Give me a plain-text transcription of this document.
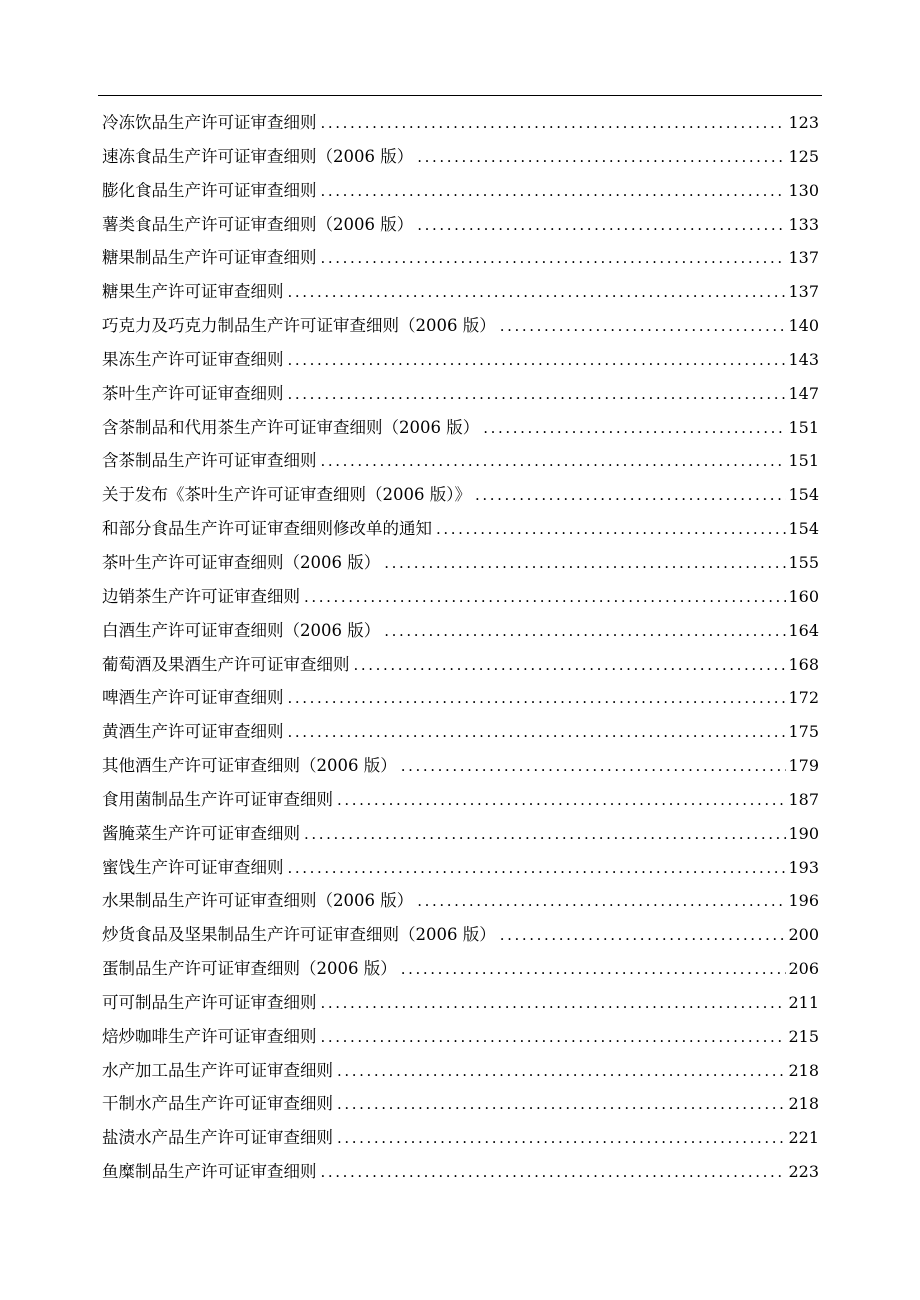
冷冻饮品生产许可证审查细则 .....	123
速冻食品生产许可证审查细则（2006 版） .....	125
膨化食品生产许可证审查细则 .....	130
薯类食品生产许可证审查细则（2006 版） .....	133
糖果制品生产许可证审查细则 .....	137
糖果生产许可证审查细则 .....	137
巧克力及巧克力制品生产许可证审查细则（2006 版） .....	140
果冻生产许可证审查细则 .....	143
茶叶生产许可证审查细则 .....	147
含茶制品和代用茶生产许可证审查细则（2006 版） .....	151
含茶制品生产许可证审查细则 .....	151
关于发布《茶叶生产许可证审查细则（2006 版）》 .....	154
和部分食品生产许可证审查细则修改单的通知 .....	154
茶叶生产许可证审查细则（2006 版） .....	155
边销茶生产许可证审查细则 .....	160
白酒生产许可证审查细则（2006 版） .....	164
葡萄酒及果酒生产许可证审查细则 .....	168
啤酒生产许可证审查细则 .....	172
黄酒生产许可证审查细则 .....	175
其他酒生产许可证审查细则（2006 版） .....	179
食用菌制品生产许可证审查细则 .....	187
酱腌菜生产许可证审查细则 .....	190
蜜饯生产许可证审查细则 .....	193
水果制品生产许可证审查细则（2006 版） .....	196
炒货食品及坚果制品生产许可证审查细则（2006 版） .....	200
蛋制品生产许可证审查细则（2006 版） .....	206
可可制品生产许可证审查细则 .....	211
焙炒咖啡生产许可证审查细则 .....	215
水产加工品生产许可证审查细则 .....	218
干制水产品生产许可证审查细则 .....	218
盐渍水产品生产许可证审查细则 .....	221
鱼糜制品生产许可证审查细则 .....	223
